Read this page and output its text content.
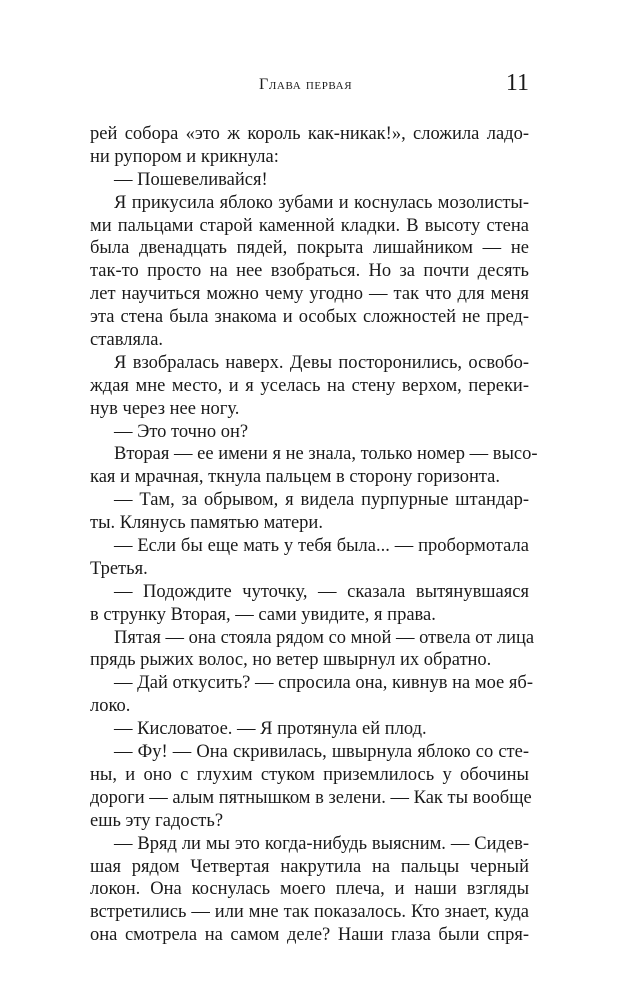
Глава первая	11
рей собора «это ж король как-никак!», сложила ладо-
ни рупором и крикнула:
— Пошевеливайся!
Я прикусила яблоко зубами и коснулась мозолисты-
ми пальцами старой каменной кладки. В высоту стена
была двенадцать пядей, покрыта лишайником — не
так-то просто на нее взобраться. Но за почти десять
лет научиться можно чему угодно — так что для меня
эта стена была знакома и особых сложностей не пред-
ставляла.
Я взобралась наверх. Девы посторонились, освобо-
ждая мне место, и я уселась на стену верхом, переки-
нув через нее ногу.
— Это точно он?
Вторая — ее имени я не знала, только номер — высо-
кая и мрачная, ткнула пальцем в сторону горизонта.
— Там, за обрывом, я видела пурпурные штандар-
ты. Клянусь памятью матери.
— Если бы еще мать у тебя была... — пробормотала
Третья.
— Подождите чуточку, — сказала вытянувшаяся
в струнку Вторая, — сами увидите, я права.
Пятая — она стояла рядом со мной — отвела от лица
прядь рыжих волос, но ветер швырнул их обратно.
— Дай откусить? — спросила она, кивнув на мое яб-
локо.
— Кисловатое. — Я протянула ей плод.
— Фу! — Она скривилась, швырнула яблоко со сте-
ны, и оно с глухим стуком приземлилось у обочины
дороги — алым пятнышком в зелени. — Как ты вообще
ешь эту гадость?
— Вряд ли мы это когда-нибудь выясним. — Сидев-
шая рядом Четвертая накрутила на пальцы черный
локон. Она коснулась моего плеча, и наши взгляды
встретились — или мне так показалось. Кто знает, куда
она смотрела на самом деле? Наши глаза были спря-
